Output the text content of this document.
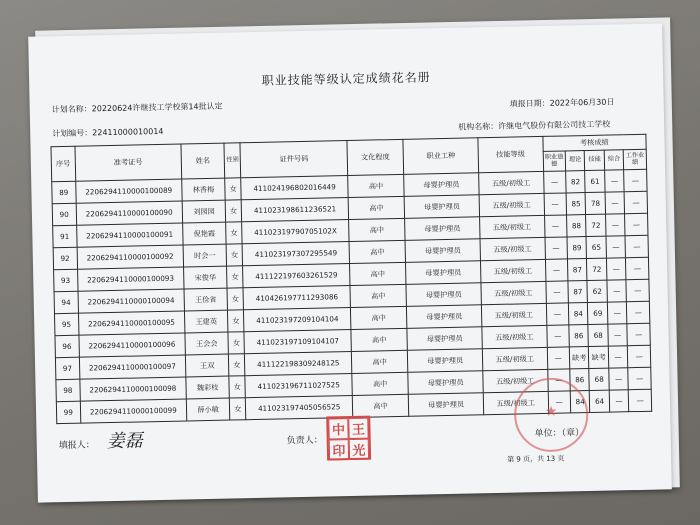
职业技能等级认定成绩花名册
计划名称：20220624许继技工学校第14批认定	填报日期：2022年06月30日
计划编号：22411000010014
机构名称：许继电气股份有限公司技工学校
序号	准考证号	姓名	性别	证件号码	文化程度	职业工种	技能等级	考核成绩				
								职业道德	理论	技能	综合	工作业绩
89	2206294110000100089	林香梅	女	411024196802016449	高中	母婴护理员	五级/初级工	—	82	61	—	—
90	2206294110000100090	刘园园	女	411023198611236521	高中	母婴护理员	五级/初级工	—	85	78	—	—
91	2206294110000100091	倪艳霞	女	41102319790705102X	高中	母婴护理员	五级/初级工	—	88	72	—	—
92	2206294110000100092	时会一	女	411023197307295549	高中	母婴护理员	五级/初级工	—	89	65	—	—
93	2206294110000100093	宋俊华	女	411122197603261529	高中	母婴护理员	五级/初级工	—	87	72	—	—
94	2206294110000100094	王俭省	女	410426197711293086	高中	母婴护理员	五级/初级工	—	87	62	—	—
95	2206294110000100095	王建英	女	411023197209104104	高中	母婴护理员	五级/初级工	—	84	69	—	—
96	2206294110000100096	王会会	女	411023197109104107	高中	母婴护理员	五级/初级工	—	86	68	—	—
97	2206294110000100097	王双	女	411122198309248125	高中	母婴护理员	五级/初级工	—	缺考	缺考	—	—
98	2206294110000100098	魏彩枝	女	411023196711027525	高中	母婴护理员	五级/初级工	—	86	68	—	—
99	2206294110000100099	薛小敏	女	411023197405056525	高中	母婴护理员	五级/初级工	—	84	64	—	—
填报人： 姜磊	负责人：
中 王
印 光
★
单位：（章）
第 9 页，共 13 页
